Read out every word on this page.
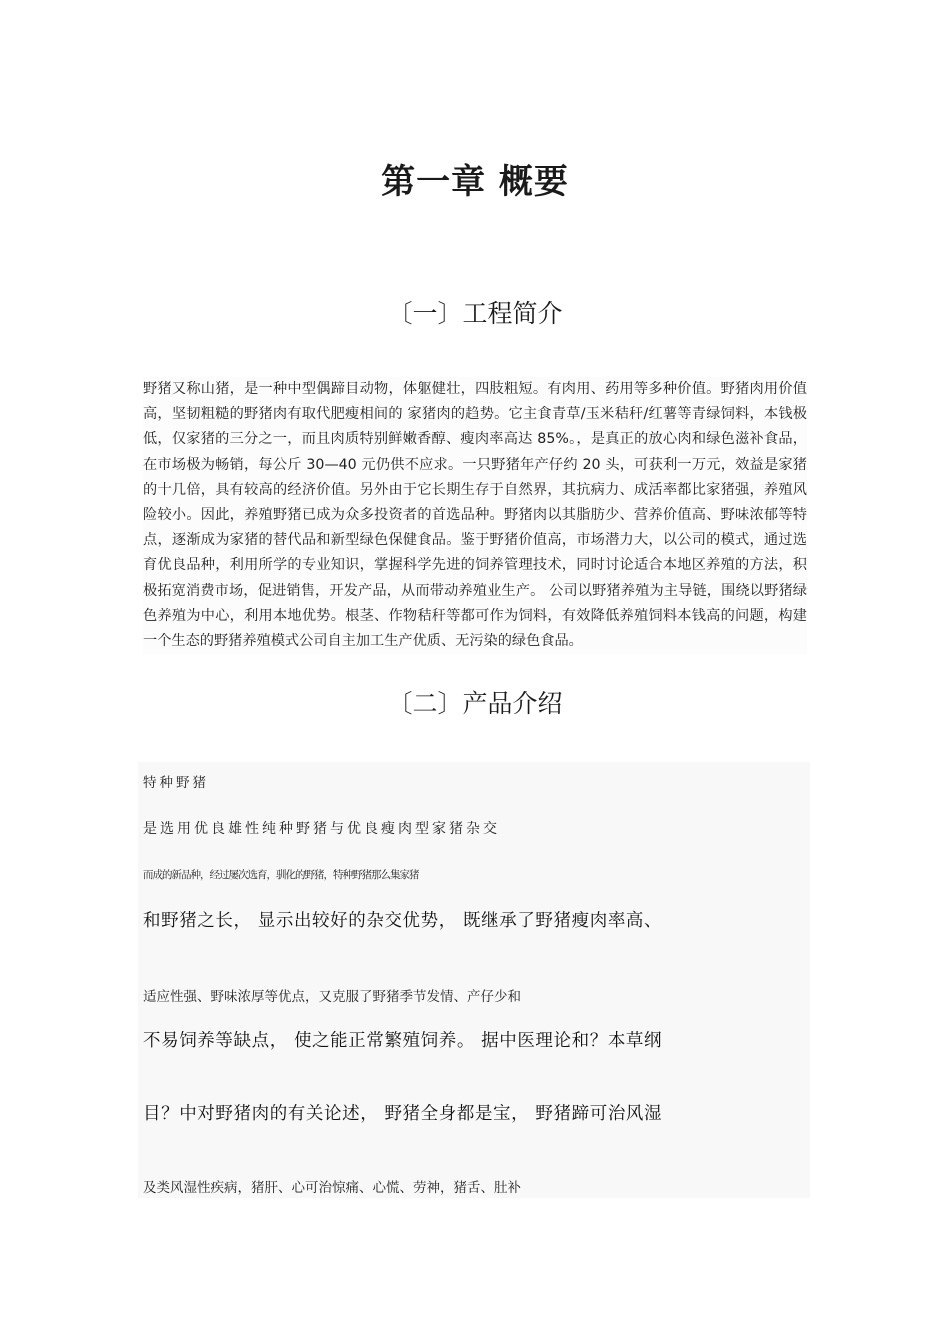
第一章 概要
〔一〕工程简介

野猪又称山猪，是一种中型偶蹄目动物，体躯健壮，四肢粗短。有肉用、药用等多种价值。野猪肉用价值高，坚韧粗糙的野猪肉有取代肥瘦相间的 家猪肉的趋势。它主食青草/玉米秸秆/红薯等青绿饲料，本钱极低，仅家猪的三分之一，而且肉质特别鲜嫩香醇、瘦肉率高达 85%。，是真正的放心肉和绿色滋补食品，在市场极为畅销，每公斤 30—40 元仍供不应求。一只野猪年产仔约 20 头，可获利一万元，效益是家猪的十几倍，具有较高的经济价值。另外由于它长期生存于自然界，其抗病力、成活率都比家猪强，养殖风险较小。因此，养殖野猪已成为众多投资者的首选品种。野猪肉以其脂肪少、营养价值高、野味浓郁等特点，逐渐成为家猪的替代品和新型绿色保健食品。鉴于野猪价值高，市场潜力大，以公司的模式，通过选育优良品种，利用所学的专业知识，掌握科学先进的饲养管理技术，同时讨论适合本地区养殖的方法，积极拓宽消费市场，促进销售，开发产品，从而带动养殖业生产。 公司以野猪养殖为主导链，围绕以野猪绿色养殖为中心，利用本地优势。根茎、作物秸秆等都可作为饲料，有效降低养殖饲料本钱高的问题，构建一个生态的野猪养殖模式公司自主加工生产优质、无污染的绿色食品。

〔二〕产品介绍

特种野猪

是选用优良雄性纯种野猪与优良瘦肉型家猪杂交

而成的新品种，经过屡次选育，驯化的野猪，特种野猪那么集家猪

和野猪之长， 显示出较好的杂交优势， 既继承了野猪瘦肉率高、

适应性强、野味浓厚等优点，又克服了野猪季节发情、产仔少和

不易饲养等缺点， 使之能正常繁殖饲养。 据中医理论和？本草纲

目？中对野猪肉的有关论述， 野猪全身都是宝， 野猪蹄可治风湿

及类风湿性疾病，猪肝、心可治惊痛、心慌、劳神，猪舌、肚补
